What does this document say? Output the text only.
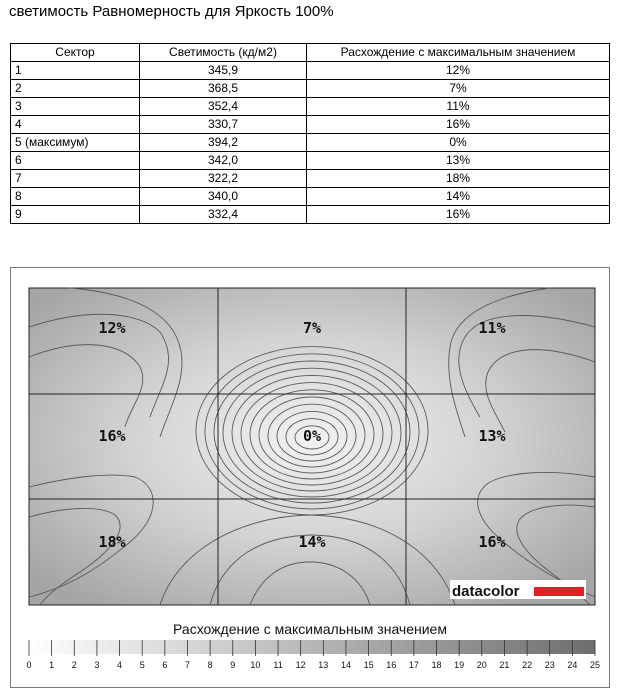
светимость Равномерность для Яркость 100%
Сектор	Светимость (кд/м2)	Расхождение с максимальным значением
1	345,9	12%
2	368,5	7%
3	352,4	11%
4	330,7	16%
5 (максимум)	394,2	0%
6	342,0	13%
7	322,2	18%
8	340,0	14%
9	332,4	16%
12%	7%	11%
16%	0%	13%
18%	14%	16%
datacolor
Расхождение с максимальным значением
0 1 2 3 4 5 6 7 8 9 10 11 12 13 14 15 16 17 18 19 20 21 22 23 24 25
